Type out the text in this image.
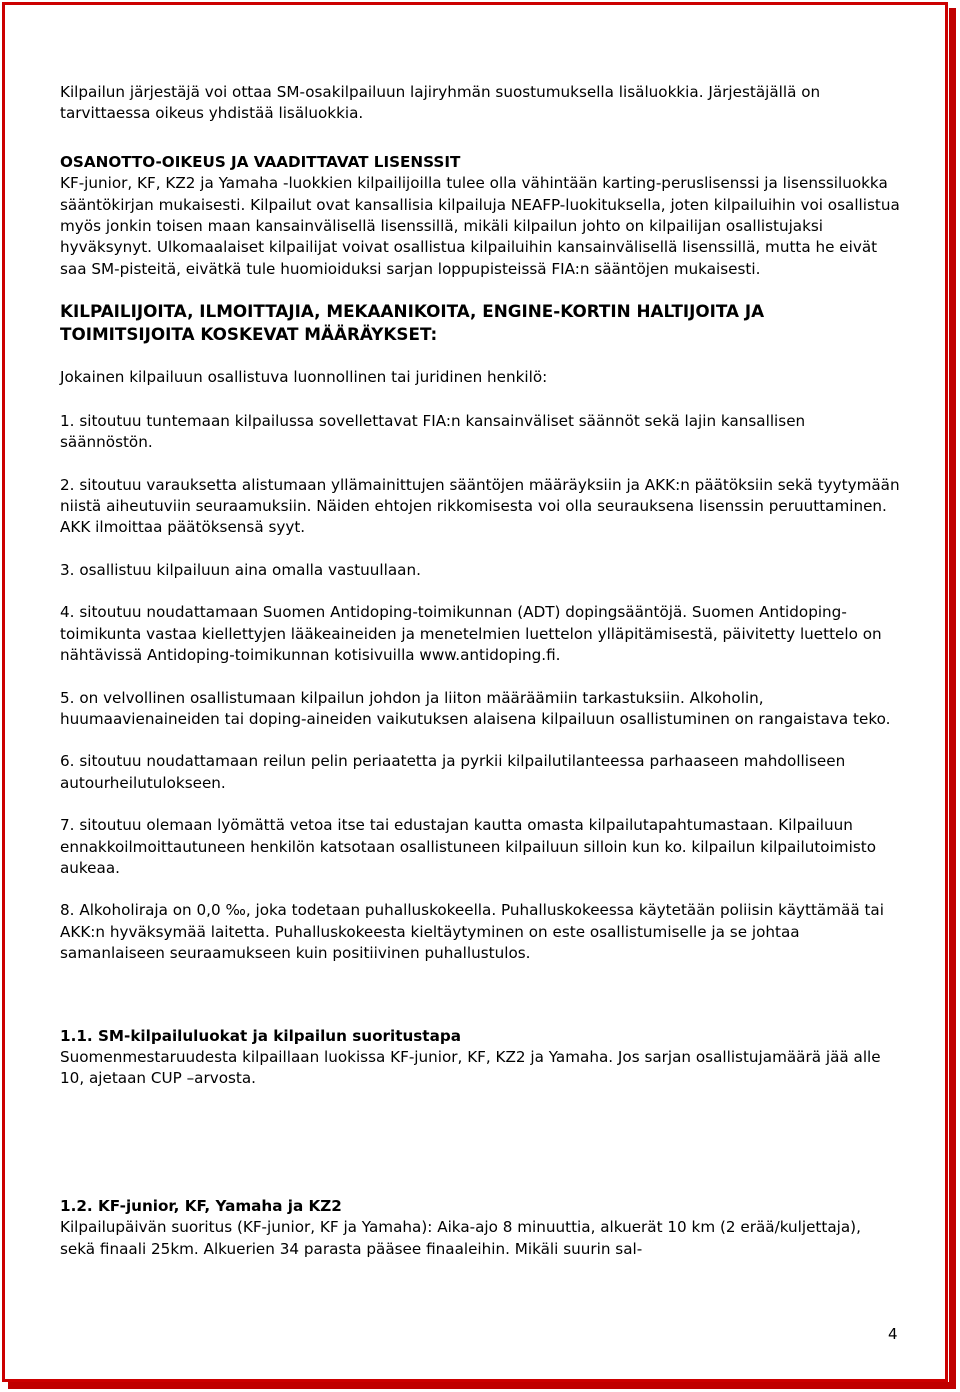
Kilpailun järjestäjä voi ottaa SM-osakilpailuun lajiryhmän suostumuksella lisäluokkia. Järjestäjällä on tarvittaessa oikeus yhdistää lisäluokkia.

OSANOTTO-OIKEUS JA VAADITTAVAT LISENSSIT

KF-junior, KF, KZ2 ja Yamaha -luokkien kilpailijoilla tulee olla vähintään karting-peruslisenssi ja lisenssiluokka sääntökirjan mukaisesti. Kilpailut ovat kansallisia kilpailuja NEAFP-luokituksella, joten kilpailuihin voi osallistua myös jonkin toisen maan kansainvälisellä lisenssillä, mikäli kilpailun johto on kilpailijan osallistujaksi hyväksynyt. Ulkomaalaiset kilpailijat voivat osallistua kilpailuihin kansainvälisellä lisenssillä, mutta he eivät saa SM-pisteitä, eivätkä tule huomioiduksi sarjan loppupisteissä FIA:n sääntöjen mukaisesti.

KILPAILIJOITA, ILMOITTAJIA, MEKAANIKOITA, ENGINE-KORTIN HALTIJOITA JA TOIMITSIJOITA KOSKEVAT MÄÄRÄYKSET:

Jokainen kilpailuun osallistuva luonnollinen tai juridinen henkilö:

1. sitoutuu tuntemaan kilpailussa sovellettavat FIA:n kansainväliset säännöt sekä lajin kansallisen säännöstön.

2. sitoutuu varauksetta alistumaan yllämainittujen sääntöjen määräyksiin ja AKK:n päätöksiin sekä tyytymään niistä aiheutuviin seuraamuksiin. Näiden ehtojen rikkomisesta voi olla seurauksena lisenssin peruuttaminen. AKK ilmoittaa päätöksensä syyt.

3. osallistuu kilpailuun aina omalla vastuullaan.

4. sitoutuu noudattamaan Suomen Antidoping-toimikunnan (ADT) dopingsääntöjä. Suomen Antidoping-toimikunta vastaa kiellettyjen lääkeaineiden ja menetelmien luettelon ylläpitämisestä, päivitetty luettelo on nähtävissä Antidoping-toimikunnan kotisivuilla www.antidoping.fi.

5. on velvollinen osallistumaan kilpailun johdon ja liiton määräämiin tarkastuksiin. Alkoholin, huumaavienaineiden tai doping-aineiden vaikutuksen alaisena kilpailuun osallistuminen on rangaistava teko.

6. sitoutuu noudattamaan reilun pelin periaatetta ja pyrkii kilpailutilanteessa parhaaseen mahdolliseen autourheilutulokseen.

7. sitoutuu olemaan lyömättä vetoa itse tai edustajan kautta omasta kilpailutapahtumastaan. Kilpailuun ennakkoilmoittautuneen henkilön katsotaan osallistuneen kilpailuun silloin kun ko. kilpailun kilpailutoimisto aukeaa.

8. Alkoholiraja on 0,0 ‰, joka todetaan puhalluskokeella. Puhalluskokeessa käytetään poliisin käyttämää tai AKK:n hyväksymää laitetta. Puhalluskokeesta kieltäytyminen on este osallistumiselle ja se johtaa samanlaiseen seuraamukseen kuin positiivinen puhallustulos.

1.1. SM-kilpailuluokat ja kilpailun suoritustapa

Suomenmestaruudesta kilpaillaan luokissa KF-junior, KF, KZ2 ja Yamaha. Jos sarjan osallistujamäärä jää alle 10, ajetaan CUP –arvosta.

1.2. KF-junior, KF, Yamaha ja KZ2

Kilpailupäivän suoritus (KF-junior, KF ja Yamaha): Aika-ajo 8 minuuttia, alkuerät 10 km (2 erää/kuljettaja), sekä finaali 25km. Alkuerien 34 parasta pääsee finaaleihin. Mikäli suurin sal-

4
